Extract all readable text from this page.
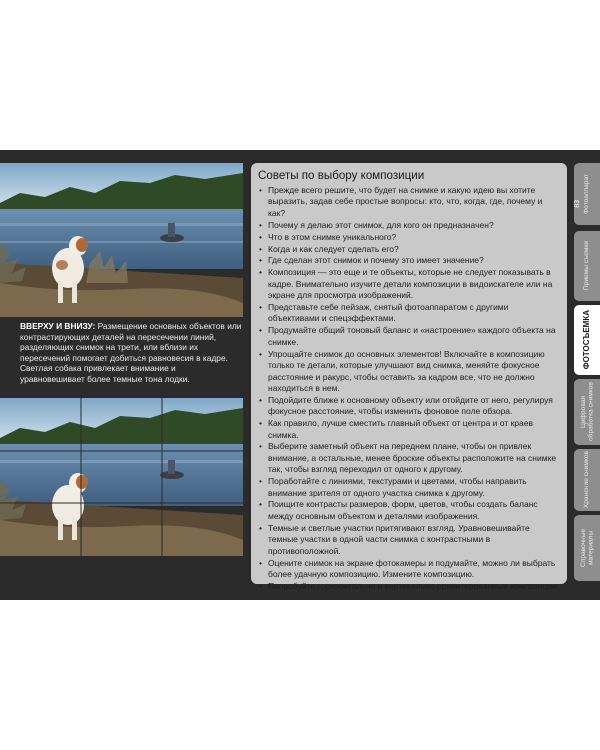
ВВЕРХУ И ВНИЗУ: Размещение основных объектов или контрастирующих деталей на пересечении линий, разделяющих снимок на трети, или вблизи их пересечений помогает добиться равновесия в кадре. Светлая собака привлекает внимание и уравновешивает более темные тона лодки.
Советы по выбору композиции
• Прежде всего решите, что будет на снимке и какую идею вы хотите выразить, задав себе простые вопросы: кто, что, когда, где, почему и как?
• Почему я делаю этот снимок, для кого он предназначен?
• Что в этом снимке уникального?
• Когда и как следует сделать его?
• Где сделан этот снимок и почему это имеет значение?
• Композиция — это еще и те объекты, которые не следует показывать в кадре. Внимательно изучите детали композиции в видоискателе или на экране для просмотра изображений.
• Представьте себе пейзаж, снятый фотоаппаратом с другими объективами и спецэффектами.
• Продумайте общий тоновый баланс и «настроение» каждого объекта на снимке.
• Упрощайте снимок до основных элементов! Включайте в композицию только те детали, которые улучшают вид снимка, меняйте фокусное расстояние и ракурс, чтобы оставить за кадром все, что не должно находиться в нем.
• Подойдите ближе к основному объекту или отойдите от него, регулируя фокусное расстояние, чтобы изменить фоновое поле обзора.
• Как правило, лучше сместить главный объект от центра и от краев снимка.
• Выберите заметный объект на переднем плане, чтобы он привлек внимание, а остальные, менее броские объекты расположите на снимке так, чтобы взгляд переходил от одного к другому.
• Поработайте с линиями, текстурами и цветами, чтобы направить внимание зрителя от одного участка снимка к другому.
• Поищите контрасты размеров, форм, цветов, чтобы создать баланс между основным объектом и деталями изображения.
• Темные и светлые участки притягивают взгляд. Уравновешивайте темные участки в одной части снимка с контрастными в противоположной.
• Оцените снимок на экране фотокамеры и подумайте, можно ли выбрать более удачную композицию. Измените композицию.
• Попробуйте горизонтально и вертикально ориентированные композиции.
Фотоаппарат
Приемы съемки
ФОТОСЪЕМКА
Цифровая обработка снимков
Хранение снимков
Справочные материалы
83
